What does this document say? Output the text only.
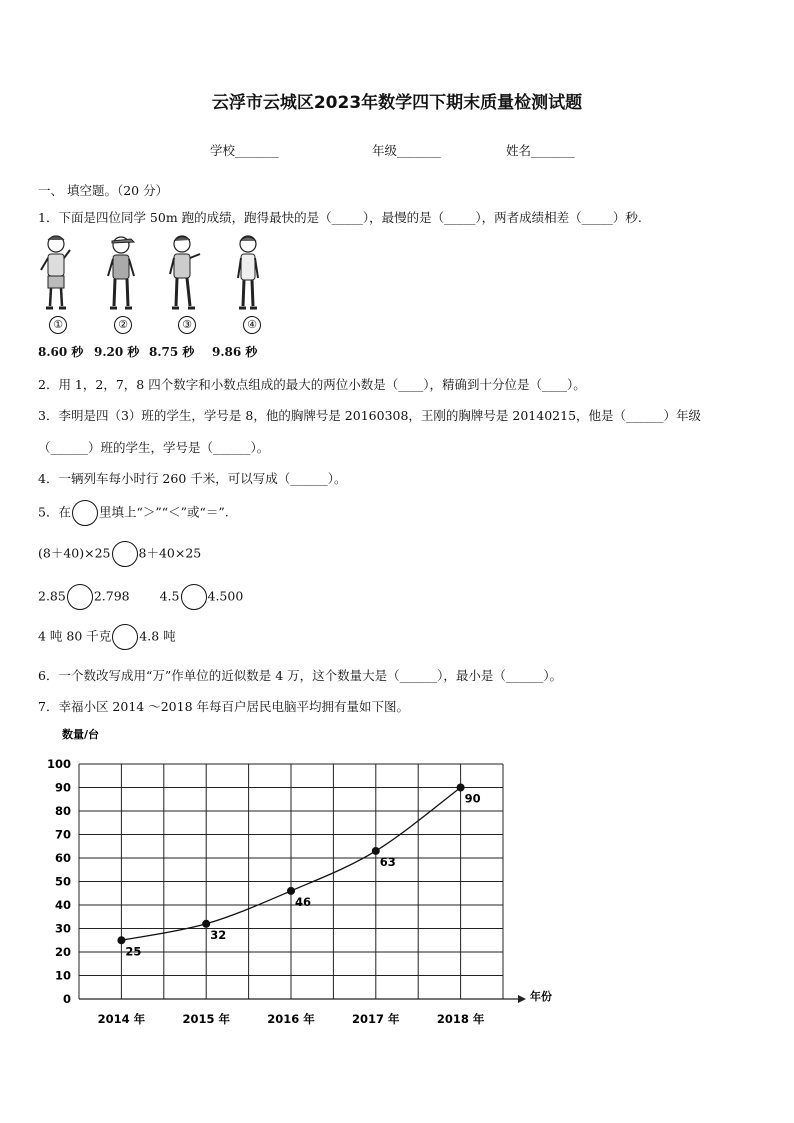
云浮市云城区2023年数学四下期末质量检测试题
学校_______	年级_______	姓名_______
一、 填空题。（20 分）
1．下面是四位同学 50m 跑的成绩，跑得最快的是（_____），最慢的是（_____），两者成绩相差（_____）秒.
①	②	③	④
8.60 秒 9.20 秒 8.75 秒 9.86 秒
2．用 1，2，7，8 四个数字和小数点组成的最大的两位小数是（____），精确到十分位是（____）。
3．李明是四（3）班的学生，学号是 8，他的胸牌号是 20160308，王刚的胸牌号是 20140215，他是（______）年级
（______）班的学生，学号是（______）。
4．一辆列车每小时行 260 千米，可以写成（______）。
5．在 里填上“＞”“＜”或“＝”.
(8＋40)×25 8＋40×25
2.85 2.798 4.5 4.500
4 吨 80 千克 4.8 吨
6．一个数改写成用“万”作单位的近似数是 4 万，这个数量大是（______），最小是（______）。
7．幸福小区 2014 ～2018 年每百户居民电脑平均拥有量如下图。
数量/台
年份
0
10
20
30
40
50
60
70
80
90
100
2014 年	2015 年	2016 年	2017 年	2018 年
25
32
46
63
90
